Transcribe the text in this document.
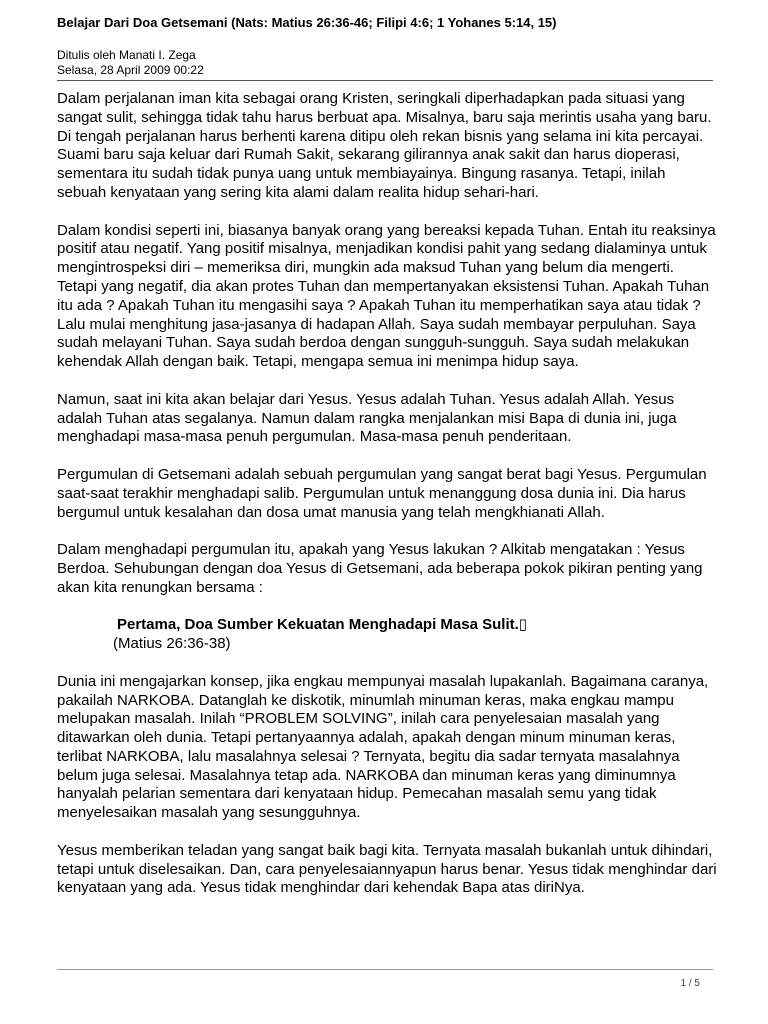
Belajar Dari Doa Getsemani (Nats: Matius 26:36-46; Filipi 4:6; 1 Yohanes 5:14, 15)
Ditulis oleh Manati I. Zega
Selasa, 28 April 2009 00:22

Dalam perjalanan iman kita sebagai orang Kristen, seringkali diperhadapkan pada situasi yang sangat sulit, sehingga tidak tahu harus berbuat apa. Misalnya, baru saja merintis usaha yang baru. Di tengah perjalanan harus berhenti karena ditipu oleh rekan bisnis yang selama ini kita percayai. Suami baru saja keluar dari Rumah Sakit, sekarang gilirannya anak sakit dan harus dioperasi, sementara itu sudah tidak punya uang untuk membiayainya. Bingung rasanya. Tetapi, inilah sebuah kenyataan yang sering kita alami dalam realita hidup sehari-hari.

Dalam kondisi seperti ini, biasanya banyak orang yang bereaksi kepada Tuhan. Entah itu reaksinya positif atau negatif. Yang positif misalnya, menjadikan kondisi pahit yang sedang dialaminya untuk mengintrospeksi diri – memeriksa diri, mungkin ada maksud Tuhan yang belum dia mengerti. Tetapi yang negatif, dia akan protes Tuhan dan mempertanyakan eksistensi Tuhan. Apakah Tuhan itu ada ? Apakah Tuhan itu mengasihi saya ? Apakah Tuhan itu memperhatikan saya atau tidak ? Lalu mulai menghitung jasa-jasanya di hadapan Allah. Saya sudah membayar perpuluhan. Saya sudah melayani Tuhan. Saya sudah berdoa dengan sungguh-sungguh. Saya sudah melakukan kehendak Allah dengan baik. Tetapi, mengapa semua ini menimpa hidup saya.

Namun, saat ini kita akan belajar dari Yesus. Yesus adalah Tuhan. Yesus adalah Allah. Yesus adalah Tuhan atas segalanya. Namun dalam rangka menjalankan misi Bapa di dunia ini, juga menghadapi masa-masa penuh pergumulan. Masa-masa penuh penderitaan.

Pergumulan di Getsemani adalah sebuah pergumulan yang sangat berat bagi Yesus. Pergumulan saat-saat terakhir menghadapi salib. Pergumulan untuk menanggung dosa dunia ini. Dia harus bergumul untuk kesalahan dan dosa umat manusia yang telah mengkhianati Allah.

Dalam menghadapi pergumulan itu, apakah yang Yesus lakukan ? Alkitab mengatakan : Yesus Berdoa. Sehubungan dengan doa Yesus di Getsemani, ada beberapa pokok pikiran penting yang akan kita renungkan bersama :

Pertama, Doa Sumber Kekuatan Menghadapi Masa Sulit.▯
(Matius 26:36-38)

Dunia ini mengajarkan konsep, jika engkau mempunyai masalah lupakanlah. Bagaimana caranya, pakailah NARKOBA. Datanglah ke diskotik, minumlah minuman keras, maka engkau mampu melupakan masalah. Inilah “PROBLEM SOLVING”, inilah cara penyelesaian masalah yang ditawarkan oleh dunia. Tetapi pertanyaannya adalah, apakah dengan minum minuman keras, terlibat NARKOBA, lalu masalahnya selesai ? Ternyata, begitu dia sadar ternyata masalahnya belum juga selesai. Masalahnya tetap ada. NARKOBA dan minuman keras yang diminumnya hanyalah pelarian sementara dari kenyataan hidup. Pemecahan masalah semu yang tidak menyelesaikan masalah yang sesungguhnya.

Yesus memberikan teladan yang sangat baik bagi kita. Ternyata masalah bukanlah untuk dihindari, tetapi untuk diselesaikan. Dan, cara penyelesaiannyapun harus benar. Yesus tidak menghindar dari kenyataan yang ada. Yesus tidak menghindar dari kehendak Bapa atas diriNya.

1 / 5
